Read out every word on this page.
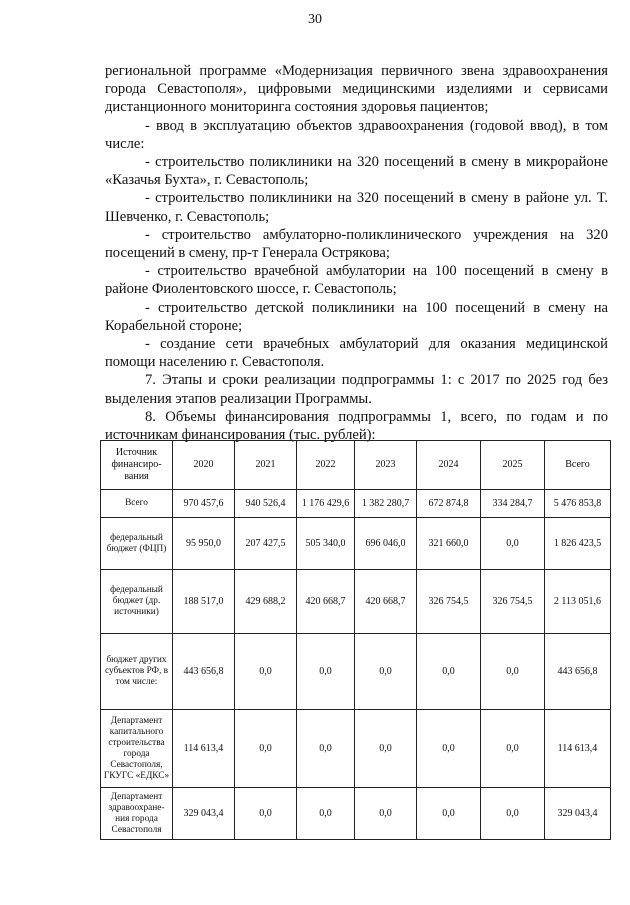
30

региональной программе «Модернизация первичного звена здравоохранения города Севастополя», цифровыми медицинскими изделиями и сервисами дистанционного мониторинга состояния здоровья пациентов;

- ввод в эксплуатацию объектов здравоохранения (годовой ввод), в том числе:

- строительство поликлиники на 320 посещений в смену в микрорайоне «Казачья Бухта», г. Севастополь;

- строительство поликлиники на 320 посещений в смену в районе ул. Т. Шевченко, г. Севастополь;

- строительство амбулаторно-поликлинического учреждения на 320 посещений в смену, пр-т Генерала Острякова;

- строительство врачебной амбулатории на 100 посещений в смену в районе Фиолентовского шоссе, г. Севастополь;

- строительство детской поликлиники на 100 посещений в смену на Корабельной стороне;

- создание сети врачебных амбулаторий для оказания медицинской помощи населению г. Севастополя.

7. Этапы и сроки реализации подпрограммы 1: с 2017 по 2025 год без выделения этапов реализации Программы.

8. Объемы финансирования подпрограммы 1, всего, по годам и по источникам финансирования (тыс. рублей):

Источник финансиро-вания	2020	2021	2022	2023	2024	2025	Всего
Всего	970 457,6	940 526,4	1 176 429,6	1 382 280,7	672 874,8	334 284,7	5 476 853,8
федеральный бюджет (ФЦП)	95 950,0	207 427,5	505 340,0	696 046,0	321 660,0	0,0	1 826 423,5
федеральный бюджет (др. источники)	188 517,0	429 688,2	420 668,7	420 668,7	326 754,5	326 754,5	2 113 051,6
бюджет других субъектов РФ, в том числе:	443 656,8	0,0	0,0	0,0	0,0	0,0	443 656,8
Департамент капитального строительства города Севастополя, ГКУГС «ЕДКС»	114 613,4	0,0	0,0	0,0	0,0	0,0	114 613,4
Департамент здравоохране-ния города Севастополя	329 043,4	0,0	0,0	0,0	0,0	0,0	329 043,4
